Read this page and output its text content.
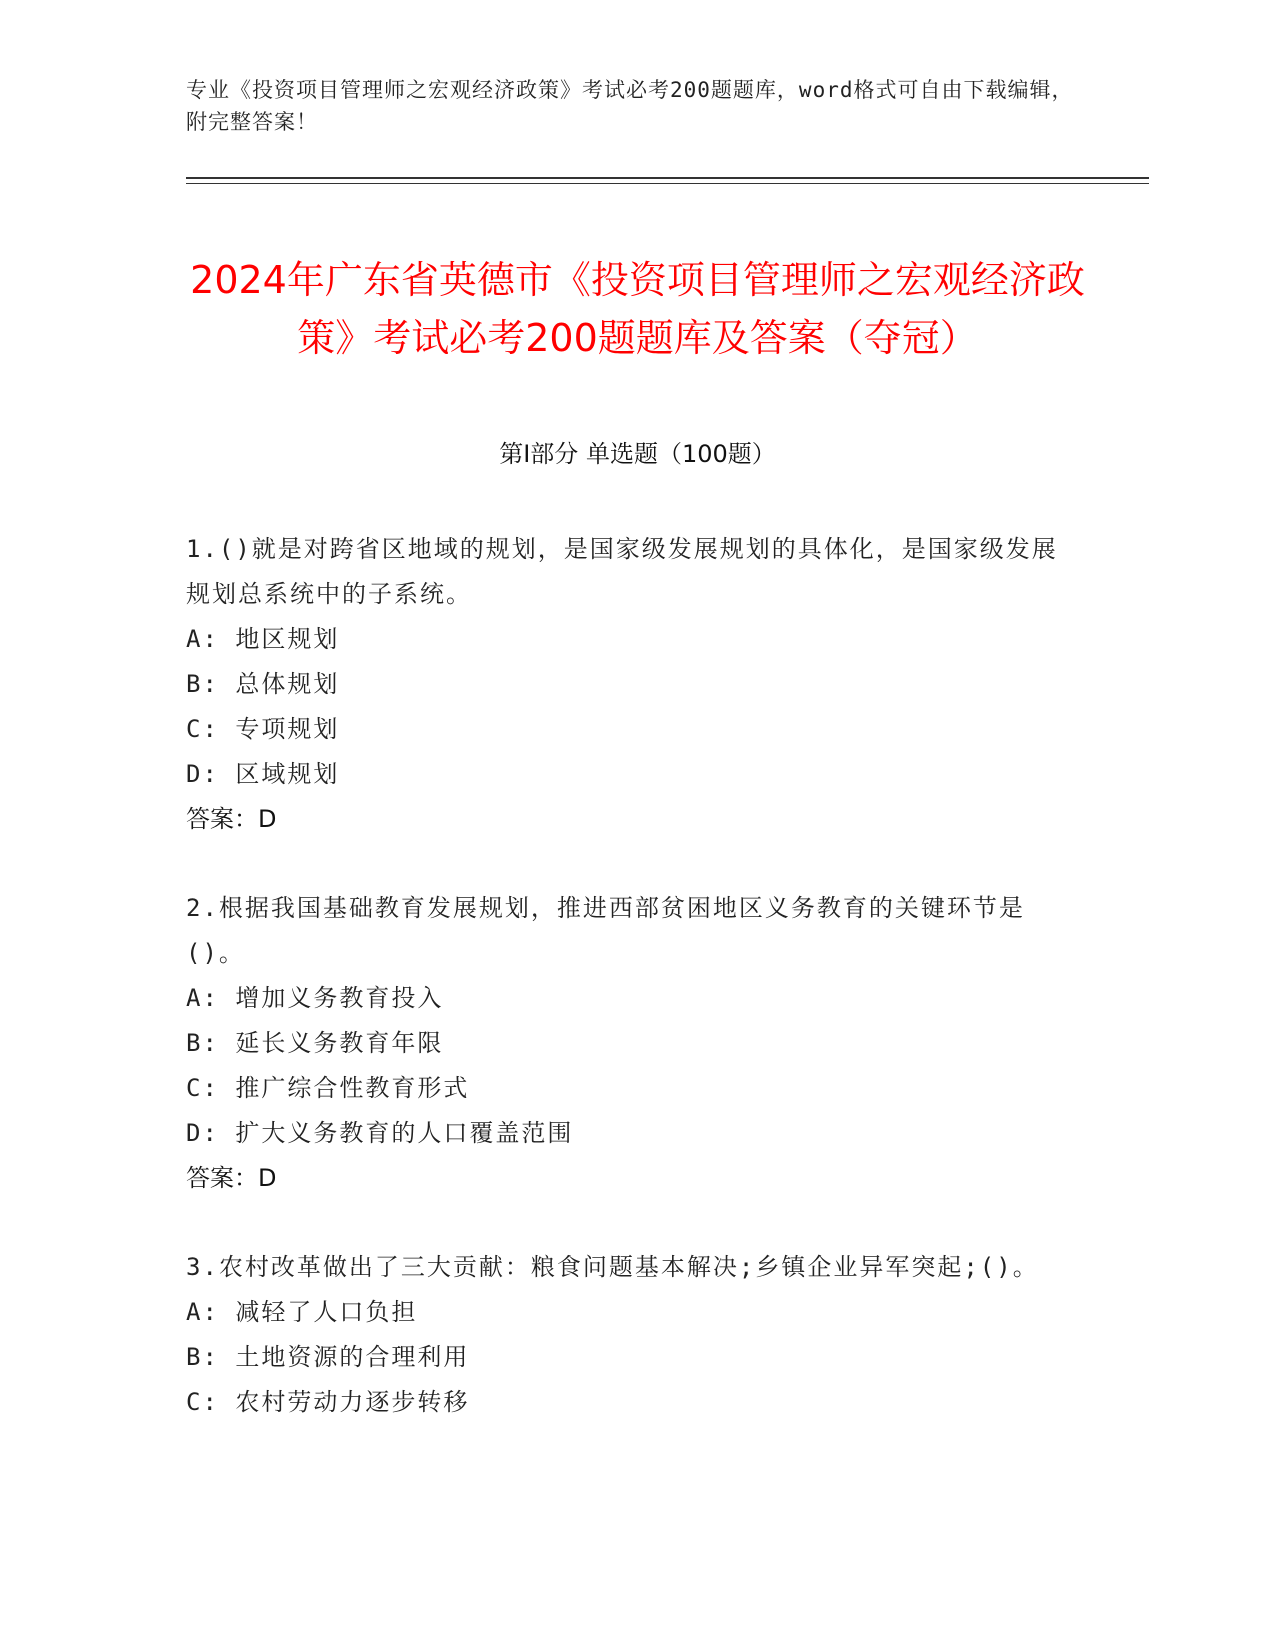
专业《投资项目管理师之宏观经济政策》考试必考200题题库，word格式可自由下载编辑，附完整答案！
2024年广东省英德市《投资项目管理师之宏观经济政策》考试必考200题题库及答案（夺冠）
第Ⅰ部分 单选题（100题）

1.()就是对跨省区地域的规划，是国家级发展规划的具体化，是国家级发展规划总系统中的子系统。

A: 地区规划

B: 总体规划

C: 专项规划

D: 区域规划

答案：D

2.根据我国基础教育发展规划，推进西部贫困地区义务教育的关键环节是()。

A: 增加义务教育投入

B: 延长义务教育年限

C: 推广综合性教育形式

D: 扩大义务教育的人口覆盖范围

答案：D

3.农村改革做出了三大贡献：粮食问题基本解决;乡镇企业异军突起;()。

A: 减轻了人口负担

B: 土地资源的合理利用

C: 农村劳动力逐步转移
